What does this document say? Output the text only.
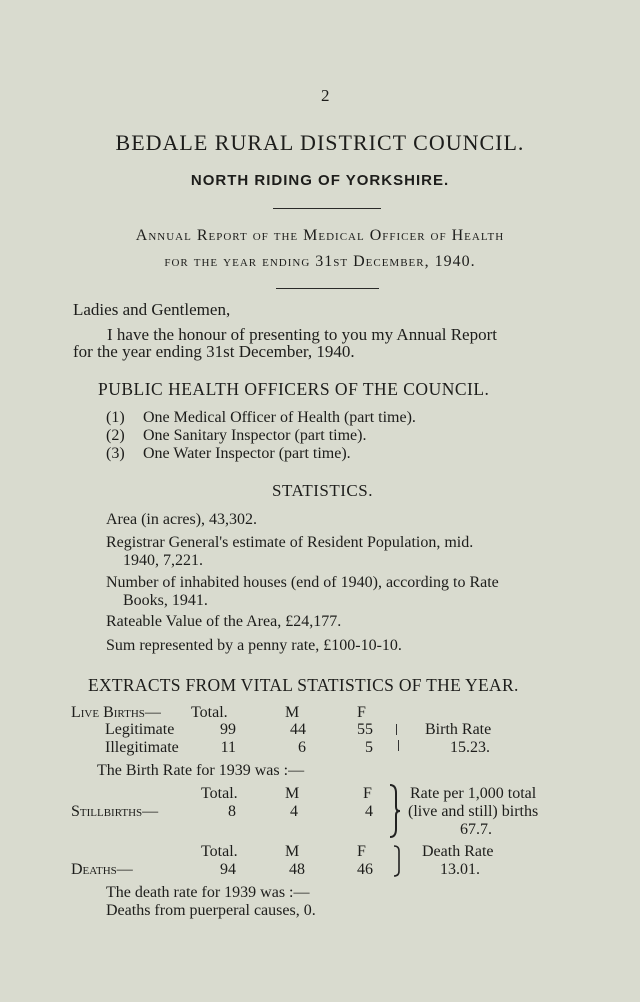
2
BEDALE RURAL DISTRICT COUNCIL.
NORTH RIDING OF YORKSHIRE.
Annual Report of the Medical Officer of Health
for the year ending 31st December, 1940.
Ladies and Gentlemen,
I have the honour of presenting to you my Annual Report
for the year ending 31st December, 1940.
PUBLIC HEALTH OFFICERS OF THE COUNCIL.
(1) One Medical Officer of Health (part time).
(2) One Sanitary Inspector (part time).
(3) One Water Inspector (part time).
STATISTICS.
Area (in acres), 43,302.
Registrar General's estimate of Resident Population, mid.
1940, 7,221.
Number of inhabited houses (end of 1940), according to Rate
Books, 1941.
Rateable Value of the Area, £24,177.
Sum represented by a penny rate, £100-10-10.
EXTRACTS FROM VITAL STATISTICS OF THE YEAR.
Live Births— Total.	M	F
Legitimate	99	44	55
Illegitimate	11	6	5
Birth Rate
15.23.
The Birth Rate for 1939 was :—
Total.	M	F
Stillbirths—	8	4	4
Rate per 1,000 total
(live and still) births
67.7.
Total.	M	F
Deaths—	94	48	46
Death Rate
13.01.
The death rate for 1939 was :—
Deaths from puerperal causes, 0.
